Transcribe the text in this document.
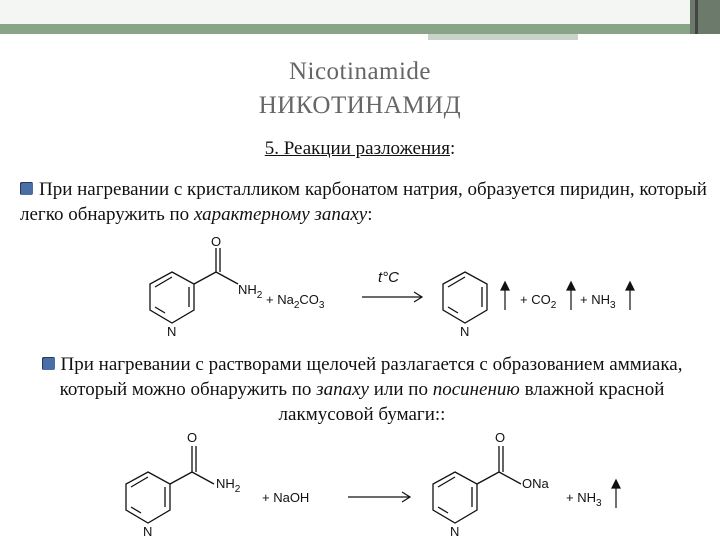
Nicotinamide
НИКОТИНАМИД
5. Реакции разложения:
При нагревании с кристалликом карбонатом натрия, образуется пиридин, который легко обнаружить по характерному запаху:
O
N
$NH_2 + Na_2CO_3$
t°C
N
+ $CO_2 + NH_3$
При нагревании с растворами щелочей разлагается с образованием аммиака, который можно обнаружить по запаху или по посинению влажной красной лакмусовой бумаги::
O
N
$NH_2$
+ NaOH
O
ONa
N
+ $NH_3$
